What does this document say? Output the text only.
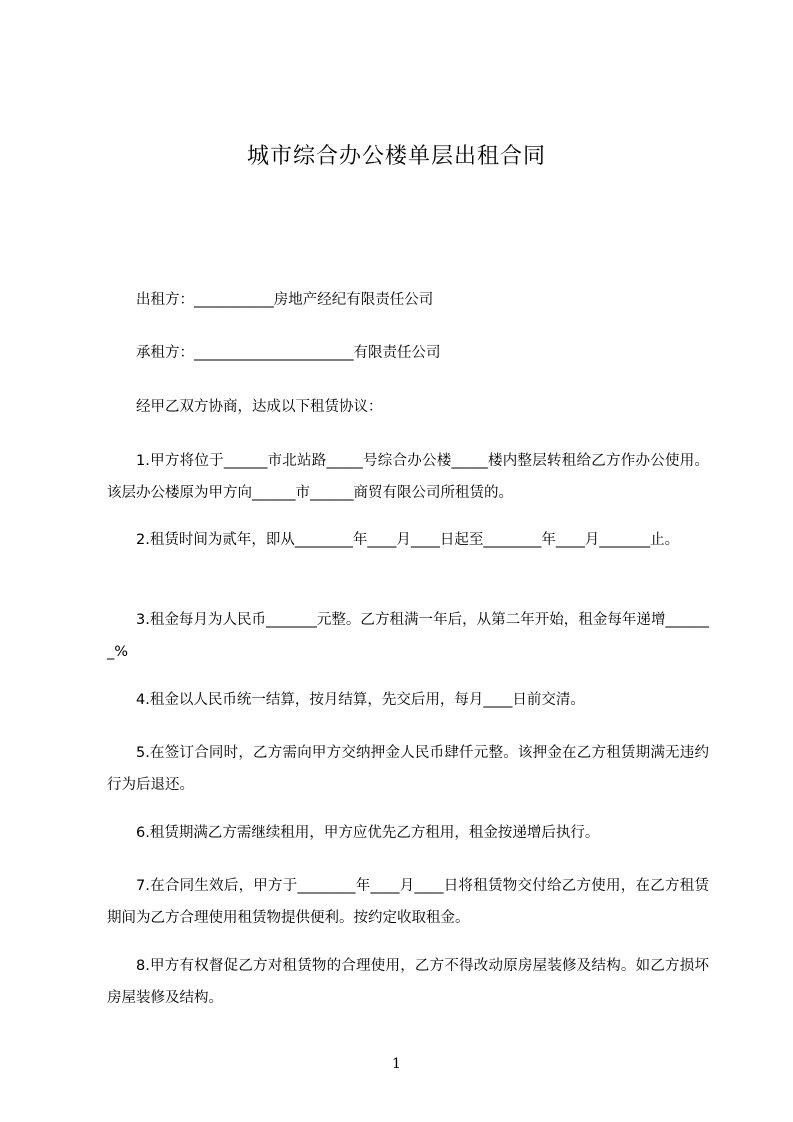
城市综合办公楼单层出租合同

出租方：___________房地产经纪有限责任公司

承租方：______________________有限责任公司

经甲乙双方协商，达成以下租赁协议：

1.甲方将位于______市北站路_____号综合办公楼_____楼内整层转租给乙方作办公使用。该层办公楼原为甲方向______市______商贸有限公司所租赁的。

2.租赁时间为贰年，即从________年____月____日起至________年____月_______止。

3.租金每月为人民币_______元整。乙方租满一年后，从第二年开始，租金每年递增_______%

4.租金以人民币统一结算，按月结算，先交后用，每月____日前交清。

5.在签订合同时，乙方需向甲方交纳押金人民币肆仟元整。该押金在乙方租赁期满无违约行为后退还。

6.租赁期满乙方需继续租用，甲方应优先乙方租用，租金按递增后执行。

7.在合同生效后，甲方于________年____月____日将租赁物交付给乙方使用，在乙方租赁期间为乙方合理使用租赁物提供便利。按约定收取租金。

8.甲方有权督促乙方对租赁物的合理使用，乙方不得改动原房屋装修及结构。如乙方损坏房屋装修及结构。

1
